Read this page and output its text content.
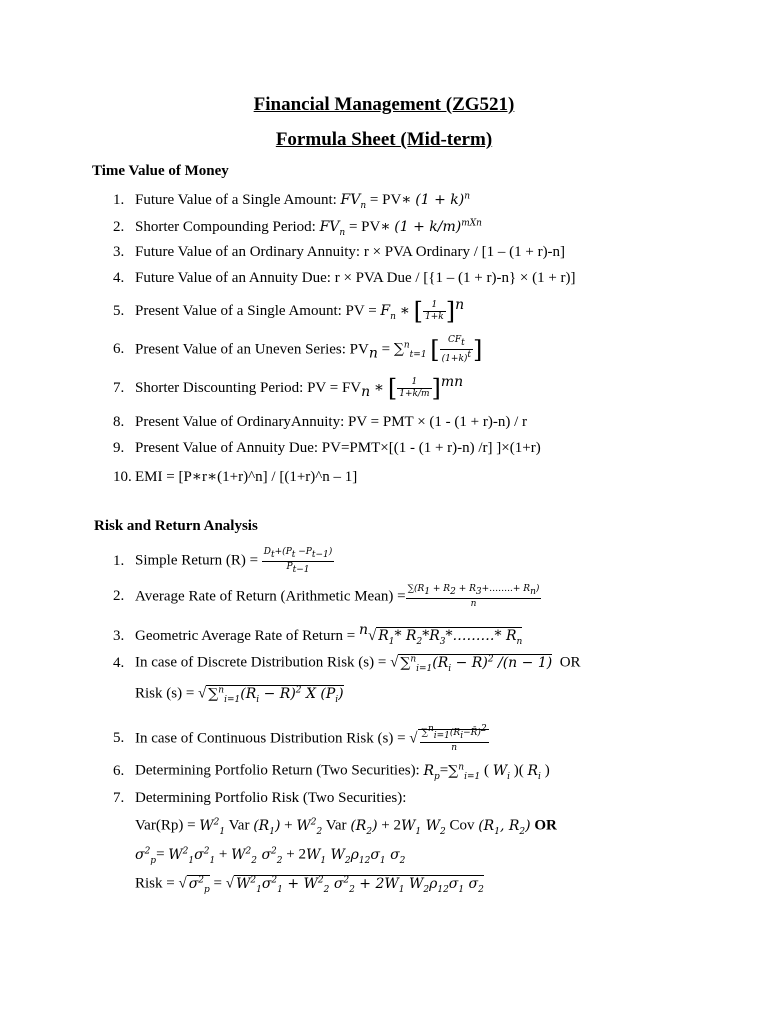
Financial Management (ZG521)
Formula Sheet (Mid-term)
Time Value of Money
1. Future Value of a Single Amount: $FV_n$ = PV∗ $(1 + k)^n$
2. Shorter Compounding Period: $FV_n$ = PV∗ $(1 + k/m)^{mXn}$
3. Future Value of an Ordinary Annuity: r × PVA Ordinary / [1 – (1 + r)-n]
4. Future Value of an Annuity Due: r × PVA Due / [{1 – (1 + r)-n} × (1 + r)]
5. Present Value of a Single Amount: PV = $F_n$ ∗ [ $\frac{1}{1+k} ]^n$
6. Present Value of an Uneven Series: $PV_n = \sum^n_{t=1}$ [ $\frac{CF_t}{(1+k)^t}$ ]
7. Shorter Discounting Period: PV = $FV_n$ ∗ [ $\frac{1}{1+k/m} ]^{mn}$
8. Present Value of OrdinaryAnnuity: PV = PMT × (1 - (1 + r)-n) / r
9. Present Value of Annuity Due: PV=PMT×[(1 - (1 + r)-n) /r] ]×(1+r)
10. EMI = [P∗r∗(1+r)^n] / [(1+r)^n – 1]
Risk and Return Analysis
1. Simple Return $(R) = \frac{D_t+(P_t -P_{t-1})}{P_{t-1}}$
2. Average Rate of Return (Arithmetic Mean) = $\frac{\sum(R_1 + R_2 + R_3+\dots\dots..+ R_n)}{n}$
3. Geometric Average Rate of Return = $^n$√ $R_1*$ $R_2*R_3*\dots\dots\dots*$ $R_n$
4. In case of Discrete Distribution Risk (s) = √ $\sum^n_{i=1}(R_i$ − R̄)$^2$ /(n − 1) OR
Risk (s) = √ $\sum^n_{i=1}(R_i$ − R̄)$^2$ X $(P_i)$
5. In case of Continuous Distribution Risk (s) = √ $\frac{\sum^n_{i=1}(R_i-R̄)^2}{n}$
6. Determining Portfolio Return (Two Securities): $R_p=\sum^n_{i=1}$ ( $W_i$ )( $R_i$ )
7. Determining Portfolio Risk (Two Securities):
$Var(Rp) = W^2_1$ Var $(R_1) + W^2_2$ Var $(R_2) + 2W_1$ $W_2$ Cov ($R_1$, $R_2$) OR
$\sigma^2_p= W^2_1\sigma^2_1 + W^2_2$ $\sigma^2_2 + 2W_1$ $W_2\rho_{12}\sigma_1$ $\sigma_2$
Risk = √ $\sigma^2_p$ = √ $W^2_1\sigma^2_1 + W^2_2$ $\sigma^2_2 + 2W_1$ $W_2\rho_{12}\sigma_1$ $\sigma_2$
